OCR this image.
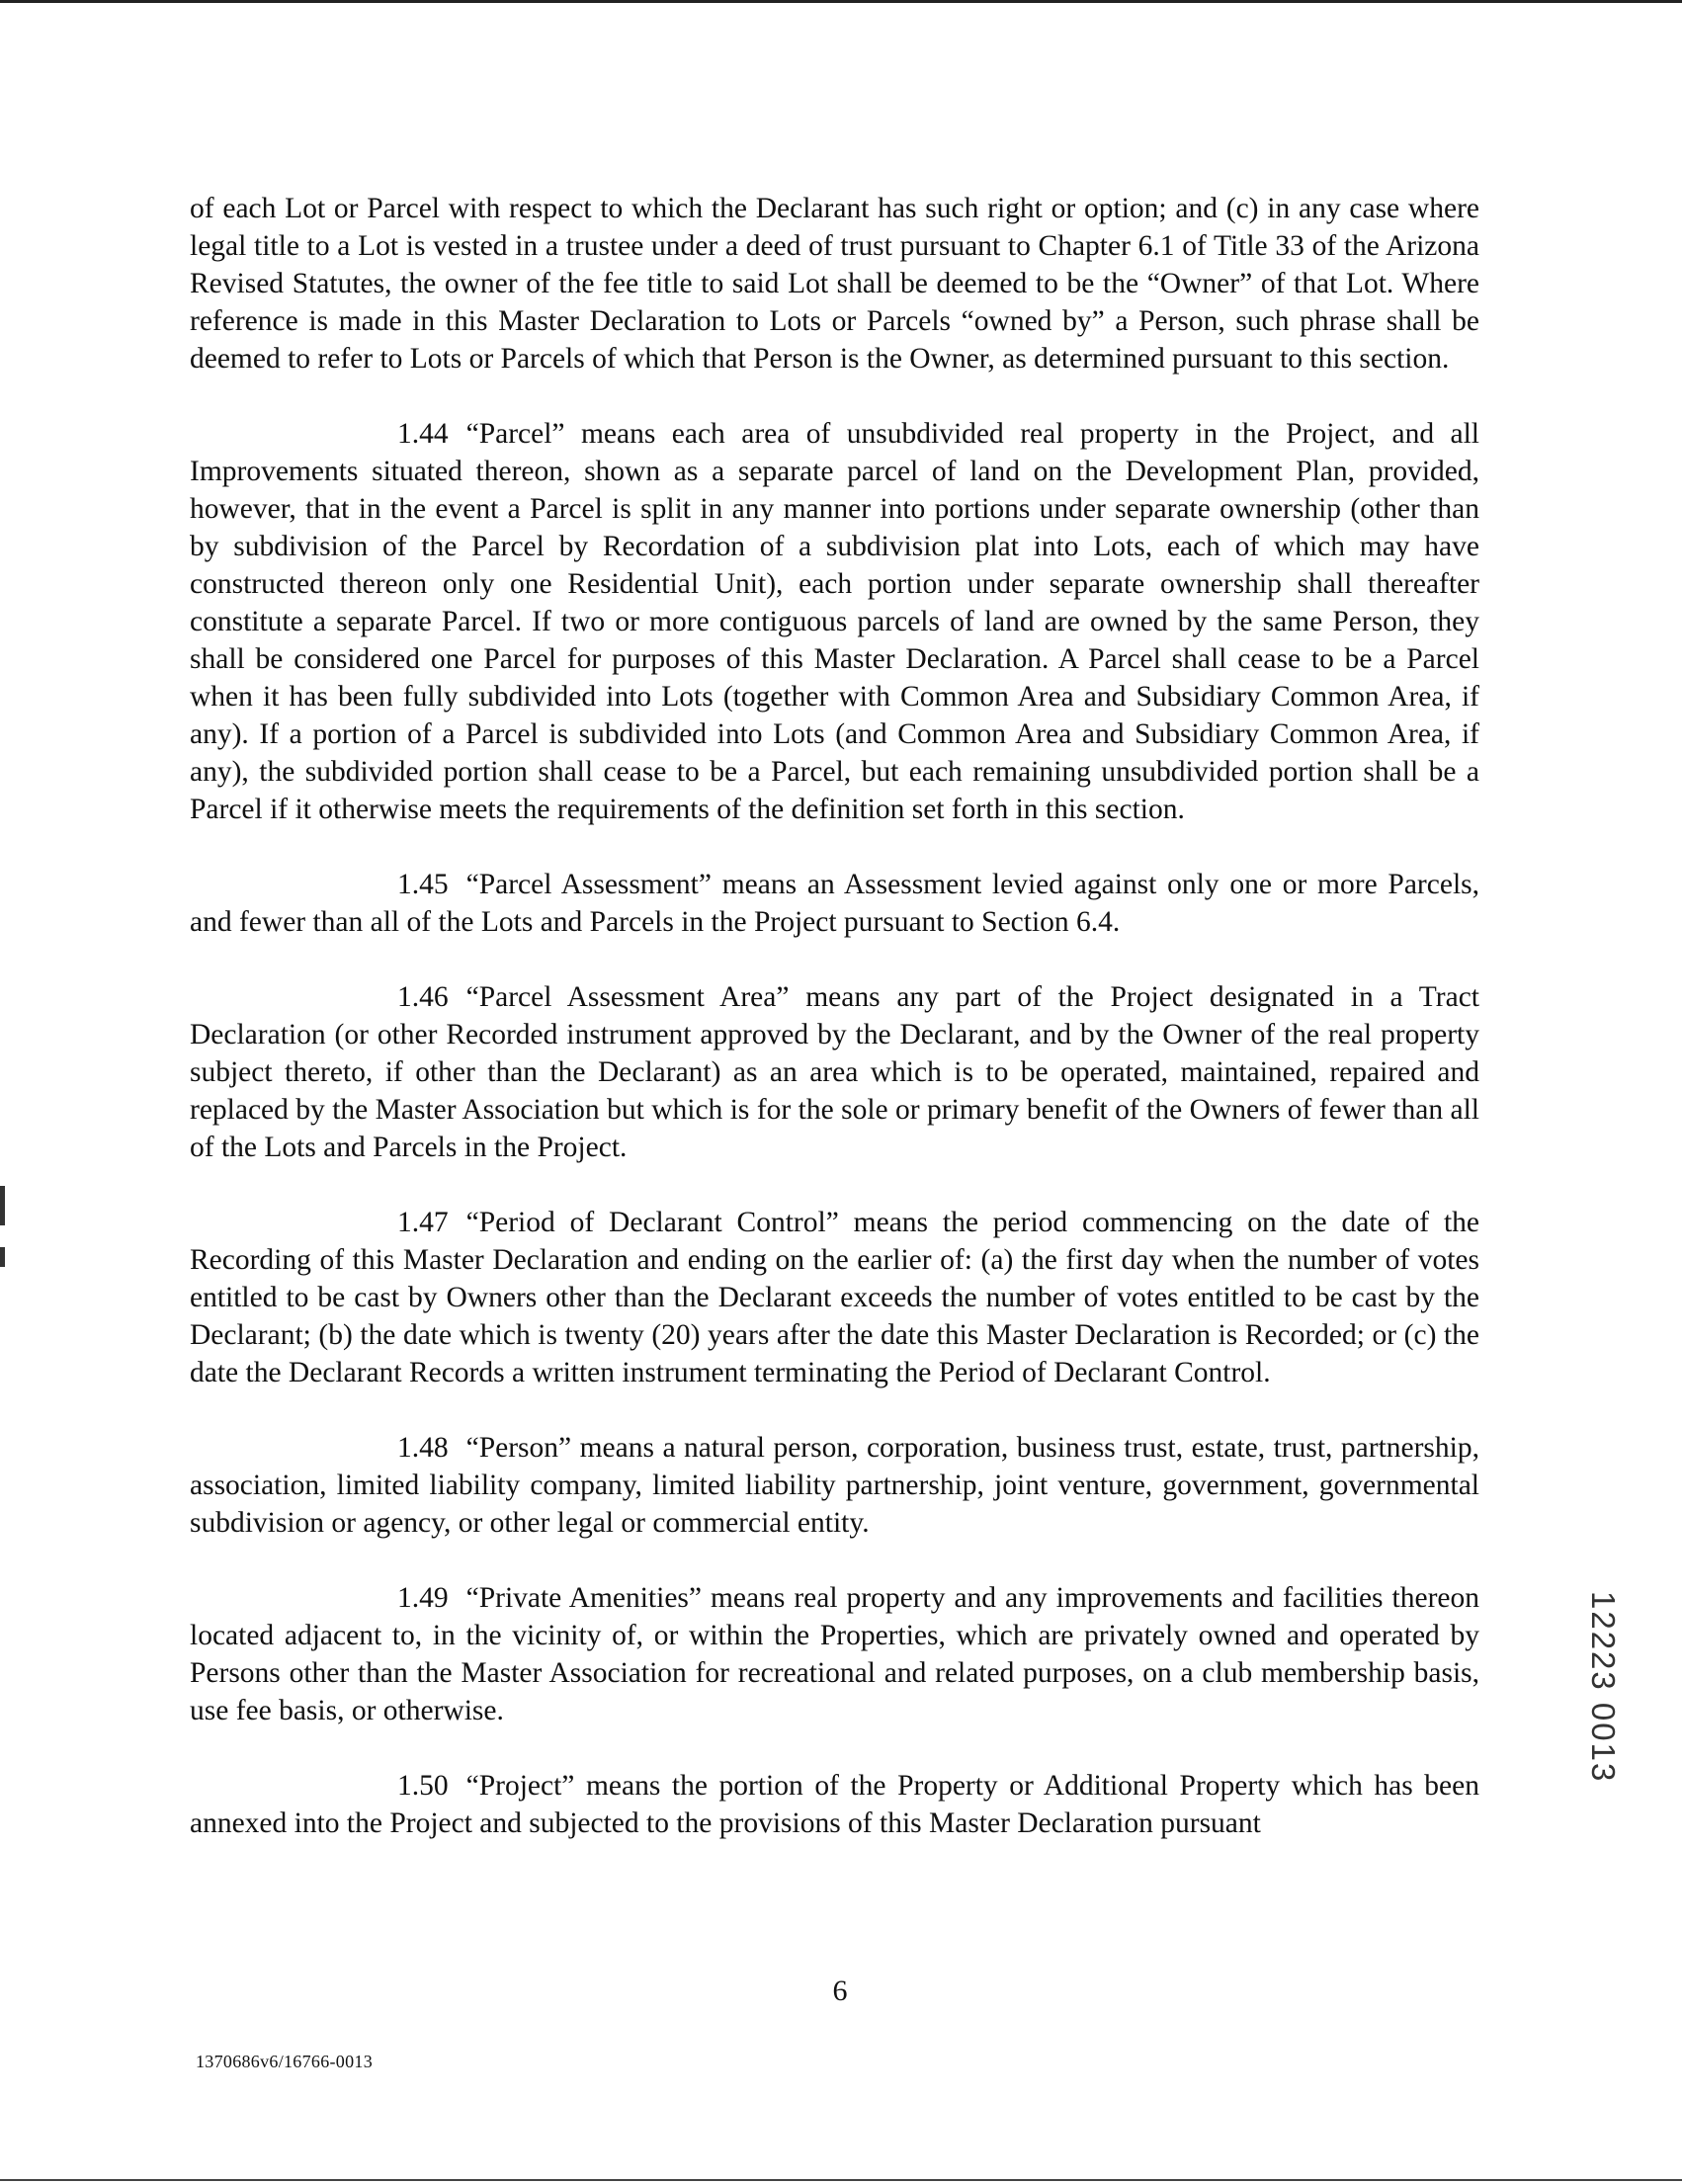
of each Lot or Parcel with respect to which the Declarant has such right or option; and (c) in any case where legal title to a Lot is vested in a trustee under a deed of trust pursuant to Chapter 6.1 of Title 33 of the Arizona Revised Statutes, the owner of the fee title to said Lot shall be deemed to be the “Owner” of that Lot. Where reference is made in this Master Declaration to Lots or Parcels “owned by” a Person, such phrase shall be deemed to refer to Lots or Parcels of which that Person is the Owner, as determined pursuant to this section.

1.44 “Parcel” means each area of unsubdivided real property in the Project, and all Improvements situated thereon, shown as a separate parcel of land on the Development Plan, provided, however, that in the event a Parcel is split in any manner into portions under separate ownership (other than by subdivision of the Parcel by Recordation of a subdivision plat into Lots, each of which may have constructed thereon only one Residential Unit), each portion under separate ownership shall thereafter constitute a separate Parcel. If two or more contiguous parcels of land are owned by the same Person, they shall be considered one Parcel for purposes of this Master Declaration. A Parcel shall cease to be a Parcel when it has been fully subdivided into Lots (together with Common Area and Subsidiary Common Area, if any). If a portion of a Parcel is subdivided into Lots (and Common Area and Subsidiary Common Area, if any), the subdivided portion shall cease to be a Parcel, but each remaining unsubdivided portion shall be a Parcel if it otherwise meets the requirements of the definition set forth in this section.

1.45 “Parcel Assessment” means an Assessment levied against only one or more Parcels, and fewer than all of the Lots and Parcels in the Project pursuant to Section 6.4.

1.46 “Parcel Assessment Area” means any part of the Project designated in a Tract Declaration (or other Recorded instrument approved by the Declarant, and by the Owner of the real property subject thereto, if other than the Declarant) as an area which is to be operated, maintained, repaired and replaced by the Master Association but which is for the sole or primary benefit of the Owners of fewer than all of the Lots and Parcels in the Project.

1.47 “Period of Declarant Control” means the period commencing on the date of the Recording of this Master Declaration and ending on the earlier of: (a) the first day when the number of votes entitled to be cast by Owners other than the Declarant exceeds the number of votes entitled to be cast by the Declarant; (b) the date which is twenty (20) years after the date this Master Declaration is Recorded; or (c) the date the Declarant Records a written instrument terminating the Period of Declarant Control.

1.48 “Person” means a natural person, corporation, business trust, estate, trust, partnership, association, limited liability company, limited liability partnership, joint venture, government, governmental subdivision or agency, or other legal or commercial entity.

1.49 “Private Amenities” means real property and any improvements and facilities thereon located adjacent to, in the vicinity of, or within the Properties, which are privately owned and operated by Persons other than the Master Association for recreational and related purposes, on a club membership basis, use fee basis, or otherwise.

1.50 “Project” means the portion of the Property or Additional Property which has been annexed into the Project and subjected to the provisions of this Master Declaration pursuant

12223 0013
6
1370686v6/16766-0013
